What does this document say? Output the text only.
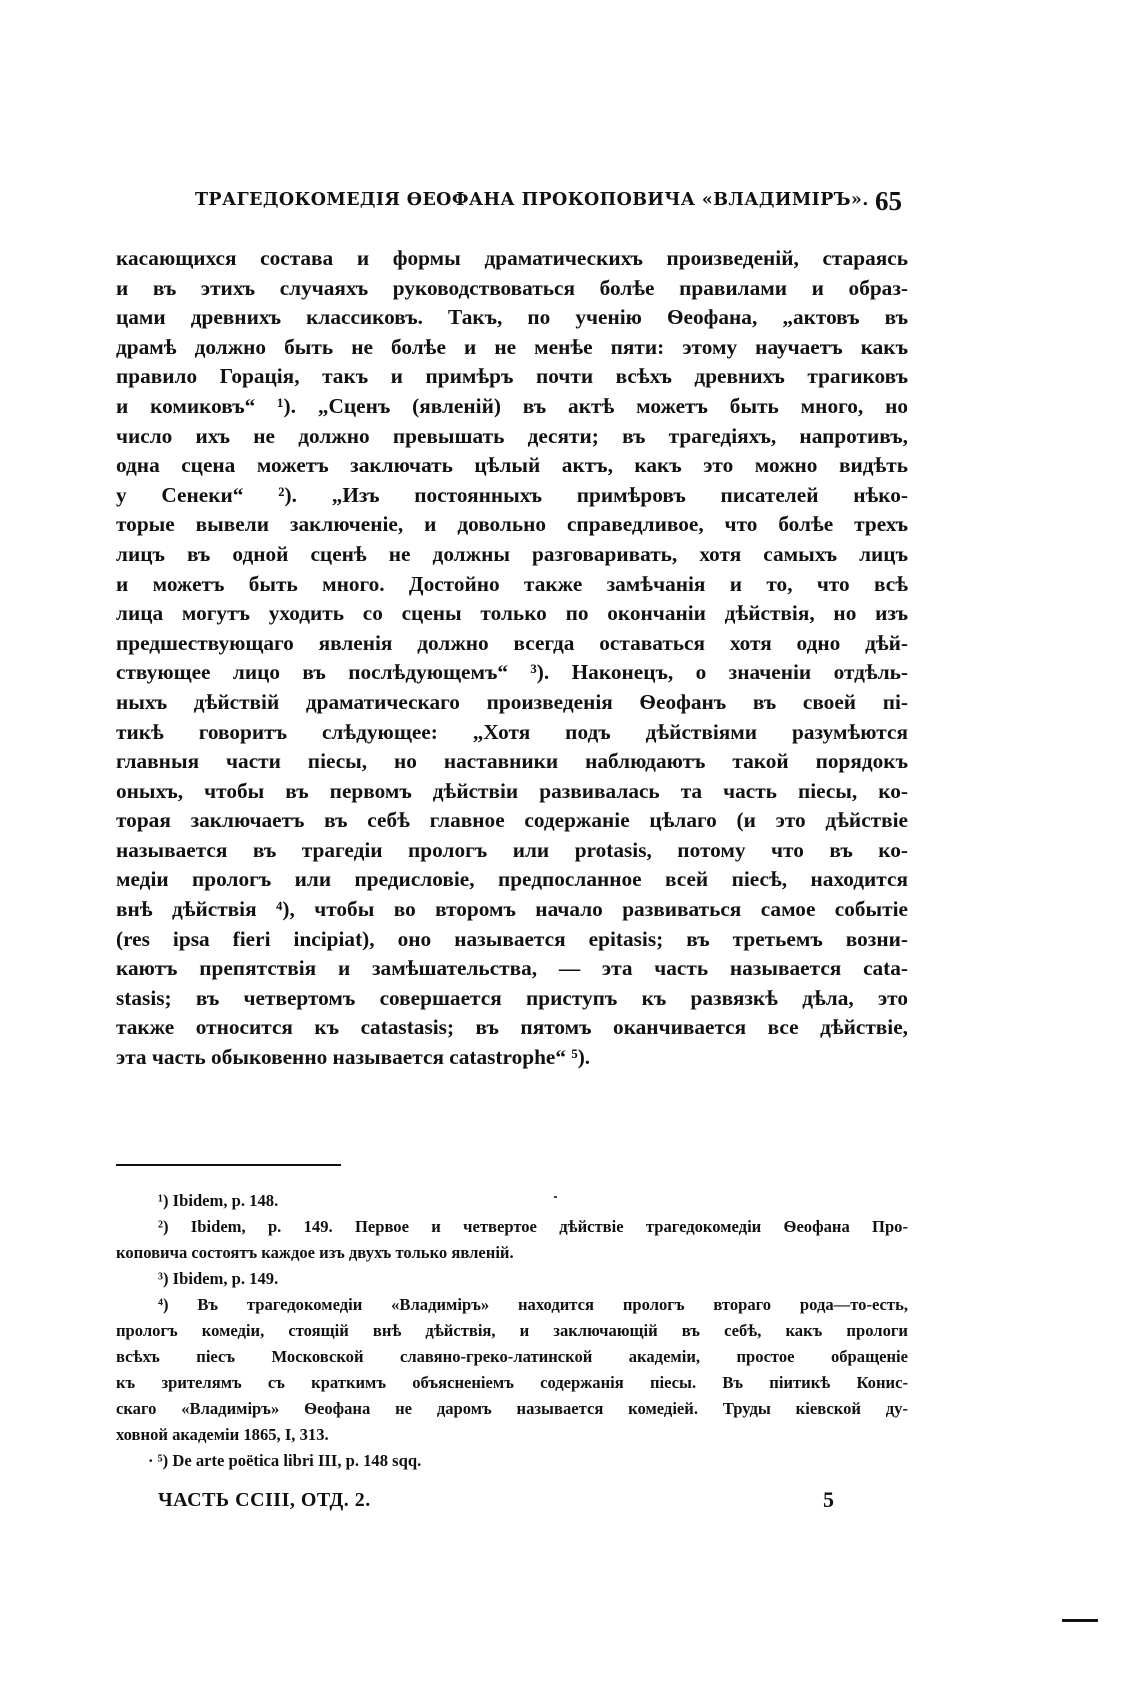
ТРАГЕДОКОМЕДІЯ ѲЕОФАНА ПРОКОПОВИЧА «ВЛАДИМІРЪ». 65
касающихся состава и формы драматическихъ произведеній, стараясь
и въ этихъ случаяхъ руководствоваться болѣе правилами и образ-
цами древнихъ классиковъ. Такъ, по ученію Ѳеофана, „актовъ въ
драмѣ должно быть не болѣе и не менѣе пяти: этому научаетъ какъ
правило Горація, такъ и примѣръ почти всѣхъ древнихъ трагиковъ
и комиковъ“ ¹). „Сценъ (явленій) въ актѣ можетъ быть много, но
число ихъ не должно превышать десяти; въ трагедіяхъ, напротивъ,
одна сцена можетъ заключать цѣлый актъ, какъ это можно видѣть
у Сенеки“ ²). „Изъ постоянныхъ примѣровъ писателей нѣко-
торые вывели заключеніе, и довольно справедливое, что болѣе трехъ
лицъ въ одной сценѣ не должны разговаривать, хотя самыхъ лицъ
и можетъ быть много. Достойно также замѣчанія и то, что всѣ
лица могутъ уходить со сцены только по окончаніи дѣйствія, но изъ
предшествующаго явленія должно всегда оставаться хотя одно дѣй-
ствующее лицо въ послѣдующемъ“ ³). Наконецъ, о значеніи отдѣль-
ныхъ дѣйствій драматическаго произведенія Ѳеофанъ въ своей пі-
тикѣ говоритъ слѣдующее: „Хотя подъ дѣйствіями разумѣются
главныя части піесы, но наставники наблюдаютъ такой порядокъ
оныхъ, чтобы въ первомъ дѣйствіи развивалась та часть піесы, ко-
торая заключаетъ въ себѣ главное содержаніе цѣлаго (и это дѣйствіе
называется въ трагедіи прологъ или protasis, потому что въ ко-
медіи прологъ или предисловіе, предпосланное всей піесѣ, находится
внѣ дѣйствія ⁴), чтобы во второмъ начало развиваться самое событіе
(res ipsa fieri incipiat), оно называется epitasis; въ третьемъ возни-
каютъ препятствія и замѣшательства, — эта часть называется cata-
stasis; въ четвертомъ совершается приступъ къ развязкѣ дѣла, это
также относится къ catastasis; въ пятомъ оканчивается все дѣйствіе,
эта часть обыковенно называется catastrophe“ ⁵).
¹) Ibidem, p. 148.
²) Ibidem, p. 149. Первое и четвертое дѣйствіе трагедокомедіи Ѳеофана Про-
коповича состоятъ каждое изъ двухъ только явленій.
³) Ibidem, p. 149.
⁴) Въ трагедокомедіи «Владиміръ» находится прологъ втораго рода—то-есть,
прологъ комедіи, стоящій внѣ дѣйствія, и заключающій въ себѣ, какъ прологи
всѣхъ піесъ Московской славяно-греко-латинской академіи, простое обращеніе
къ зрителямъ съ краткимъ объясненіемъ содержанія піесы. Въ піитикѣ Кониc-
скаго «Владиміръ» Ѳеофана не даромъ называется комедіей. Труды кіевской ду-
ховной академіи 1865, I, 313.
· ⁵) De arte poëtica libri III, p. 148 sqq.
ЧАСТЬ CCIII, ОТД. 2.	5
